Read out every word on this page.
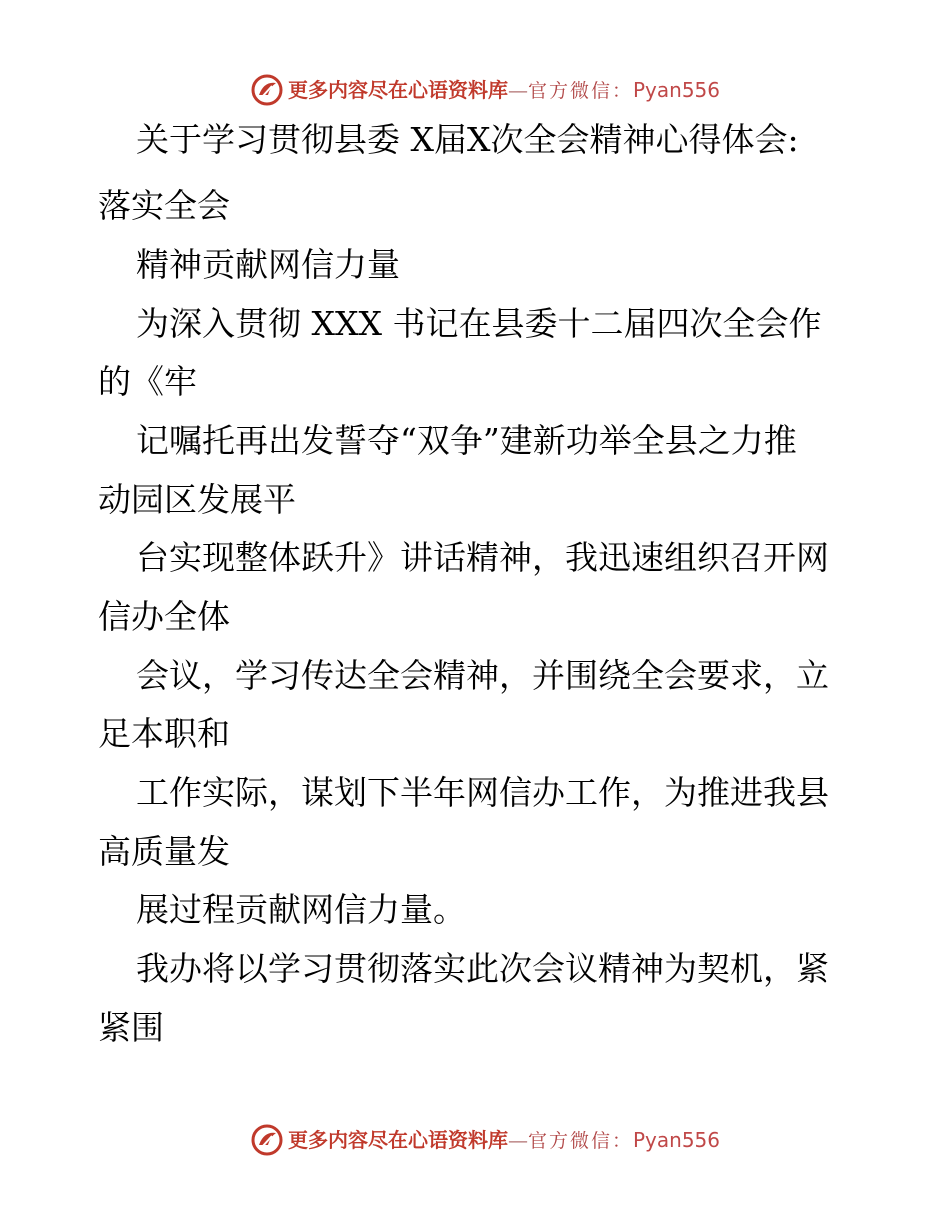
更多内容尽在心语资料库 — 官方微信： Pyan556
关于学习贯彻县委 X届X次全会精神心得体会:
落实全会
精神贡献网信力量
为深入贯彻 XXX 书记在县委十二届四次全会作
的《牢
记嘱托再出发誓夺“双争”建新功举全县之力推
动园区发展平
台实现整体跃升》讲话精神，我迅速组织召开网
信办全体
会议，学习传达全会精神，并围绕全会要求，立
足本职和
工作实际，谋划下半年网信办工作，为推进我县
高质量发
展过程贡献网信力量。
我办将以学习贯彻落实此次会议精神为契机，紧
紧围
更多内容尽在心语资料库 — 官方微信： Pyan556
